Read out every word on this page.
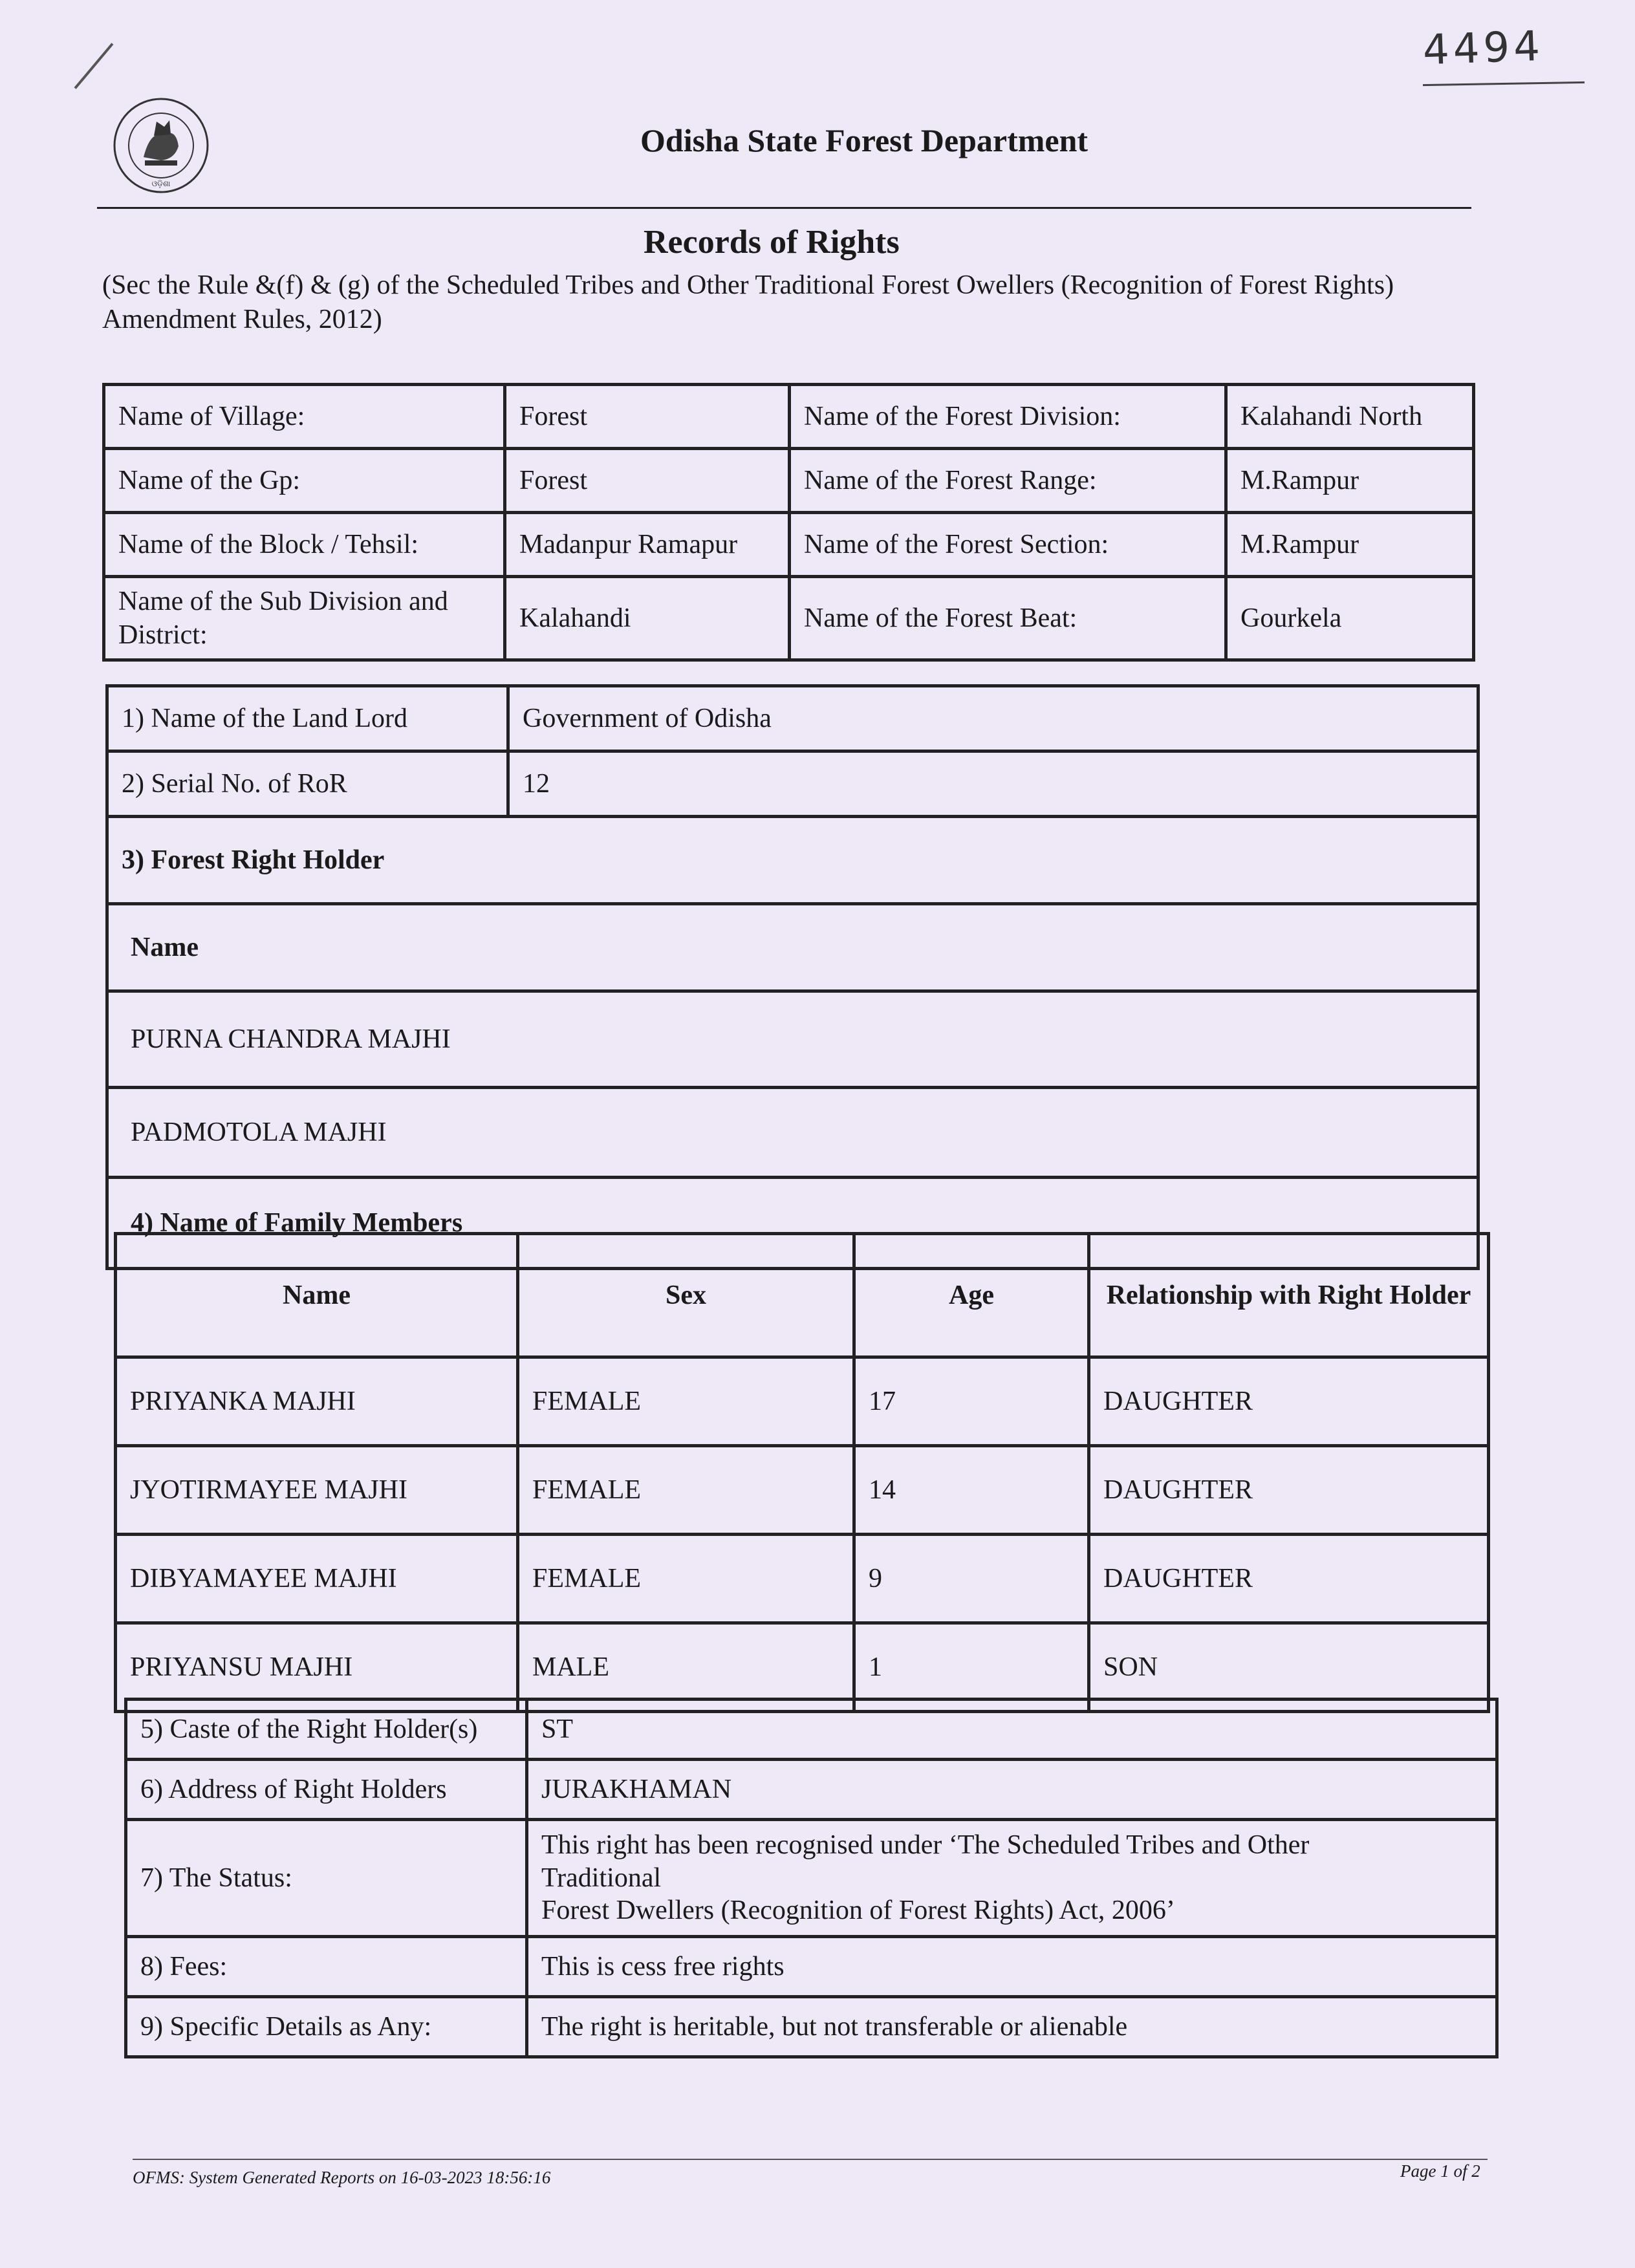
4494
ଓଡ଼ିଶା
Odisha State Forest Department
Records of Rights
(Sec the Rule &(f) & (g) of the Scheduled Tribes and Other Traditional Forest Owellers (Recognition of Forest Rights) Amendment Rules, 2012)
Name of Village:	Forest	Name of the Forest Division:	Kalahandi North
Name of the Gp:	Forest	Name of the Forest Range:	M.Rampur
Name of the Block / Tehsil:	Madanpur Ramapur	Name of the Forest Section:	M.Rampur
Name of the Sub Division and District:	Kalahandi	Name of the Forest Beat:	Gourkela
1) Name of the Land Lord	Government of Odisha
2) Serial No. of RoR	12
3) Forest Right Holder	
Name	
PURNA CHANDRA MAJHI	
PADMOTOLA MAJHI	
4) Name of Family Members	
Name	Sex	Age	Relationship with Right Holder
PRIYANKA MAJHI	FEMALE	17	DAUGHTER
JYOTIRMAYEE MAJHI	FEMALE	14	DAUGHTER
DIBYAMAYEE MAJHI	FEMALE	9	DAUGHTER
PRIYANSU MAJHI	MALE	1	SON
5) Caste of the Right Holder(s)	ST
6) Address of Right Holders	JURAKHAMAN
7) The Status:	This right has been recognised under ‘The Scheduled Tribes and Other
Traditional
Forest Dwellers (Recognition of Forest Rights) Act, 2006’

8) Fees:	This is cess free rights
9) Specific Details as Any:	The right is heritable, but not transferable or alienable
OFMS: System Generated Reports on 16-03-2023 18:56:16	Page 1 of 2
